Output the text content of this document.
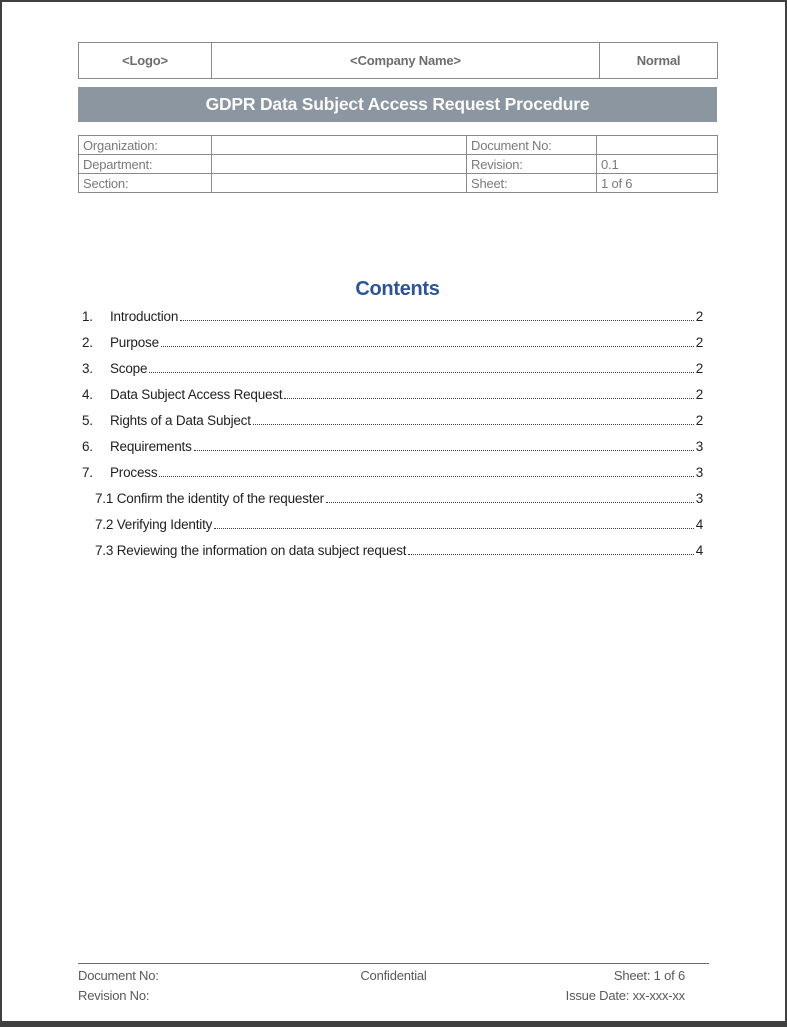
<Logo>	<Company Name>	Normal
GDPR Data Subject Access Request Procedure
Organization:		Document No:	
Department:		Revision:	0.1
Section:		Sheet:	1 of 6
Contents
1.	Introduction	2
2.	Purpose	2
3.	Scope	2
4.	Data Subject Access Request	2
5.	Rights of a Data Subject	2
6.	Requirements	3
7.	Process	3
7.1 Confirm the identity of the requester	3
7.2 Verifying Identity	4
7.3 Reviewing the information on data subject request	4
Document No:
Revision No:
Confidential	Sheet: 1 of 6
Issue Date: xx-xxx-xx
